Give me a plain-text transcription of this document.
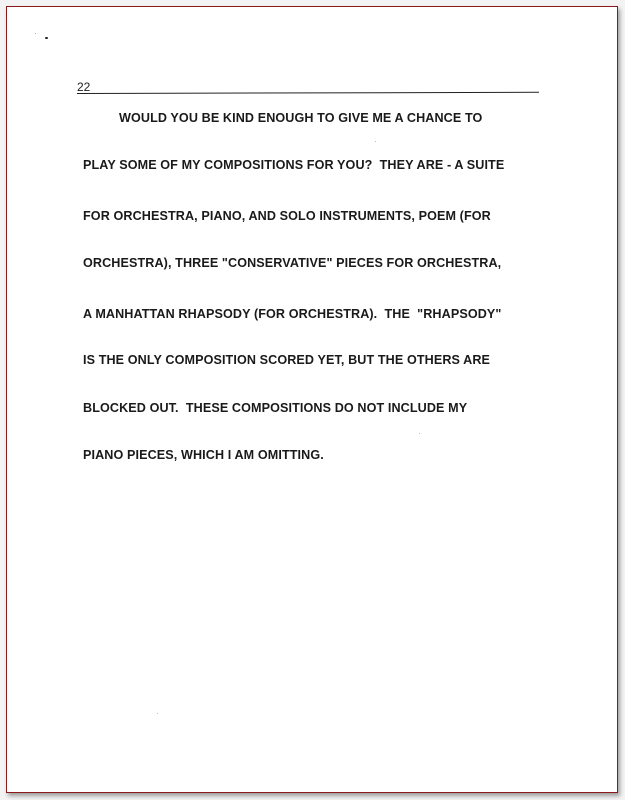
22
WOULD YOU BE KIND ENOUGH TO GIVE ME A CHANCE TO
PLAY SOME OF MY COMPOSITIONS FOR YOU?  THEY ARE - A SUITE
FOR ORCHESTRA, PIANO, AND SOLO INSTRUMENTS, POEM (FOR
ORCHESTRA), THREE "CONSERVATIVE" PIECES FOR ORCHESTRA,
A MANHATTAN RHAPSODY (FOR ORCHESTRA).  THE  "RHAPSODY"
IS THE ONLY COMPOSITION SCORED YET, BUT THE OTHERS ARE
BLOCKED OUT.  THESE COMPOSITIONS DO NOT INCLUDE MY
PIANO PIECES, WHICH I AM OMITTING.
